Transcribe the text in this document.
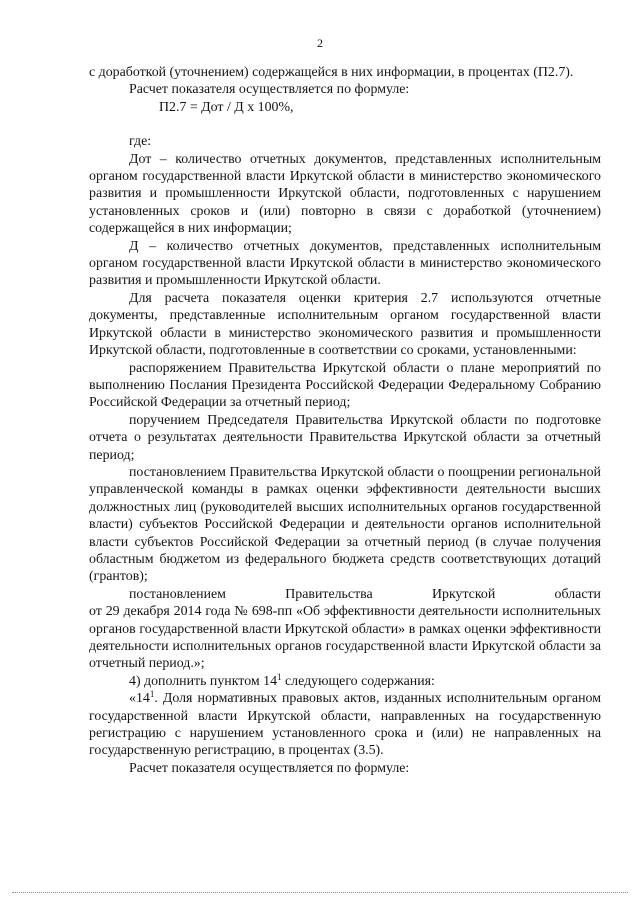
2

с доработкой (уточнением) содержащейся в них информации, в процентах (П2.7).

Расчет показателя осуществляется по формуле:

П2.7 = Дот / Д х 100%,

где:

Дот – количество отчетных документов, представленных исполнительным органом государственной власти Иркутской области в министерство экономического развития и промышленности Иркутской области, подготовленных с нарушением установленных сроков и (или) повторно в связи с доработкой (уточнением) содержащейся в них информации;

Д – количество отчетных документов, представленных исполнительным органом государственной власти Иркутской области в министерство экономического развития и промышленности Иркутской области.

Для расчета показателя оценки критерия 2.7 используются отчетные документы, представленные исполнительным органом государственной власти Иркутской области в министерство экономического развития и промышленности Иркутской области, подготовленные в соответствии со сроками, установленными:

распоряжением Правительства Иркутской области о плане мероприятий по выполнению Послания Президента Российской Федерации Федеральному Собранию Российской Федерации за отчетный период;

поручением Председателя Правительства Иркутской области по подготовке отчета о результатах деятельности Правительства Иркутской области за отчетный период;

постановлением Правительства Иркутской области о поощрении региональной управленческой команды в рамках оценки эффективности деятельности высших должностных лиц (руководителей высших исполнительных органов государственной власти) субъектов Российской Федерации и деятельности органов исполнительной власти субъектов Российской Федерации за отчетный период (в случае получения областным бюджетом из федерального бюджета средств соответствующих дотаций (грантов);

постановлением Правительства Иркутской области

от 29 декабря 2014 года № 698-пп «Об эффективности деятельности исполнительных органов государственной власти Иркутской области» в рамках оценки эффективности деятельности исполнительных органов государственной власти Иркутской области за отчетный период.»;

4) дополнить пунктом $14^1$ следующего содержания:

«$14^1$. Доля нормативных правовых актов, изданных исполнительным органом государственной власти Иркутской области, направленных на государственную регистрацию с нарушением установленного срока и (или) не направленных на государственную регистрацию, в процентах (3.5).

Расчет показателя осуществляется по формуле:
